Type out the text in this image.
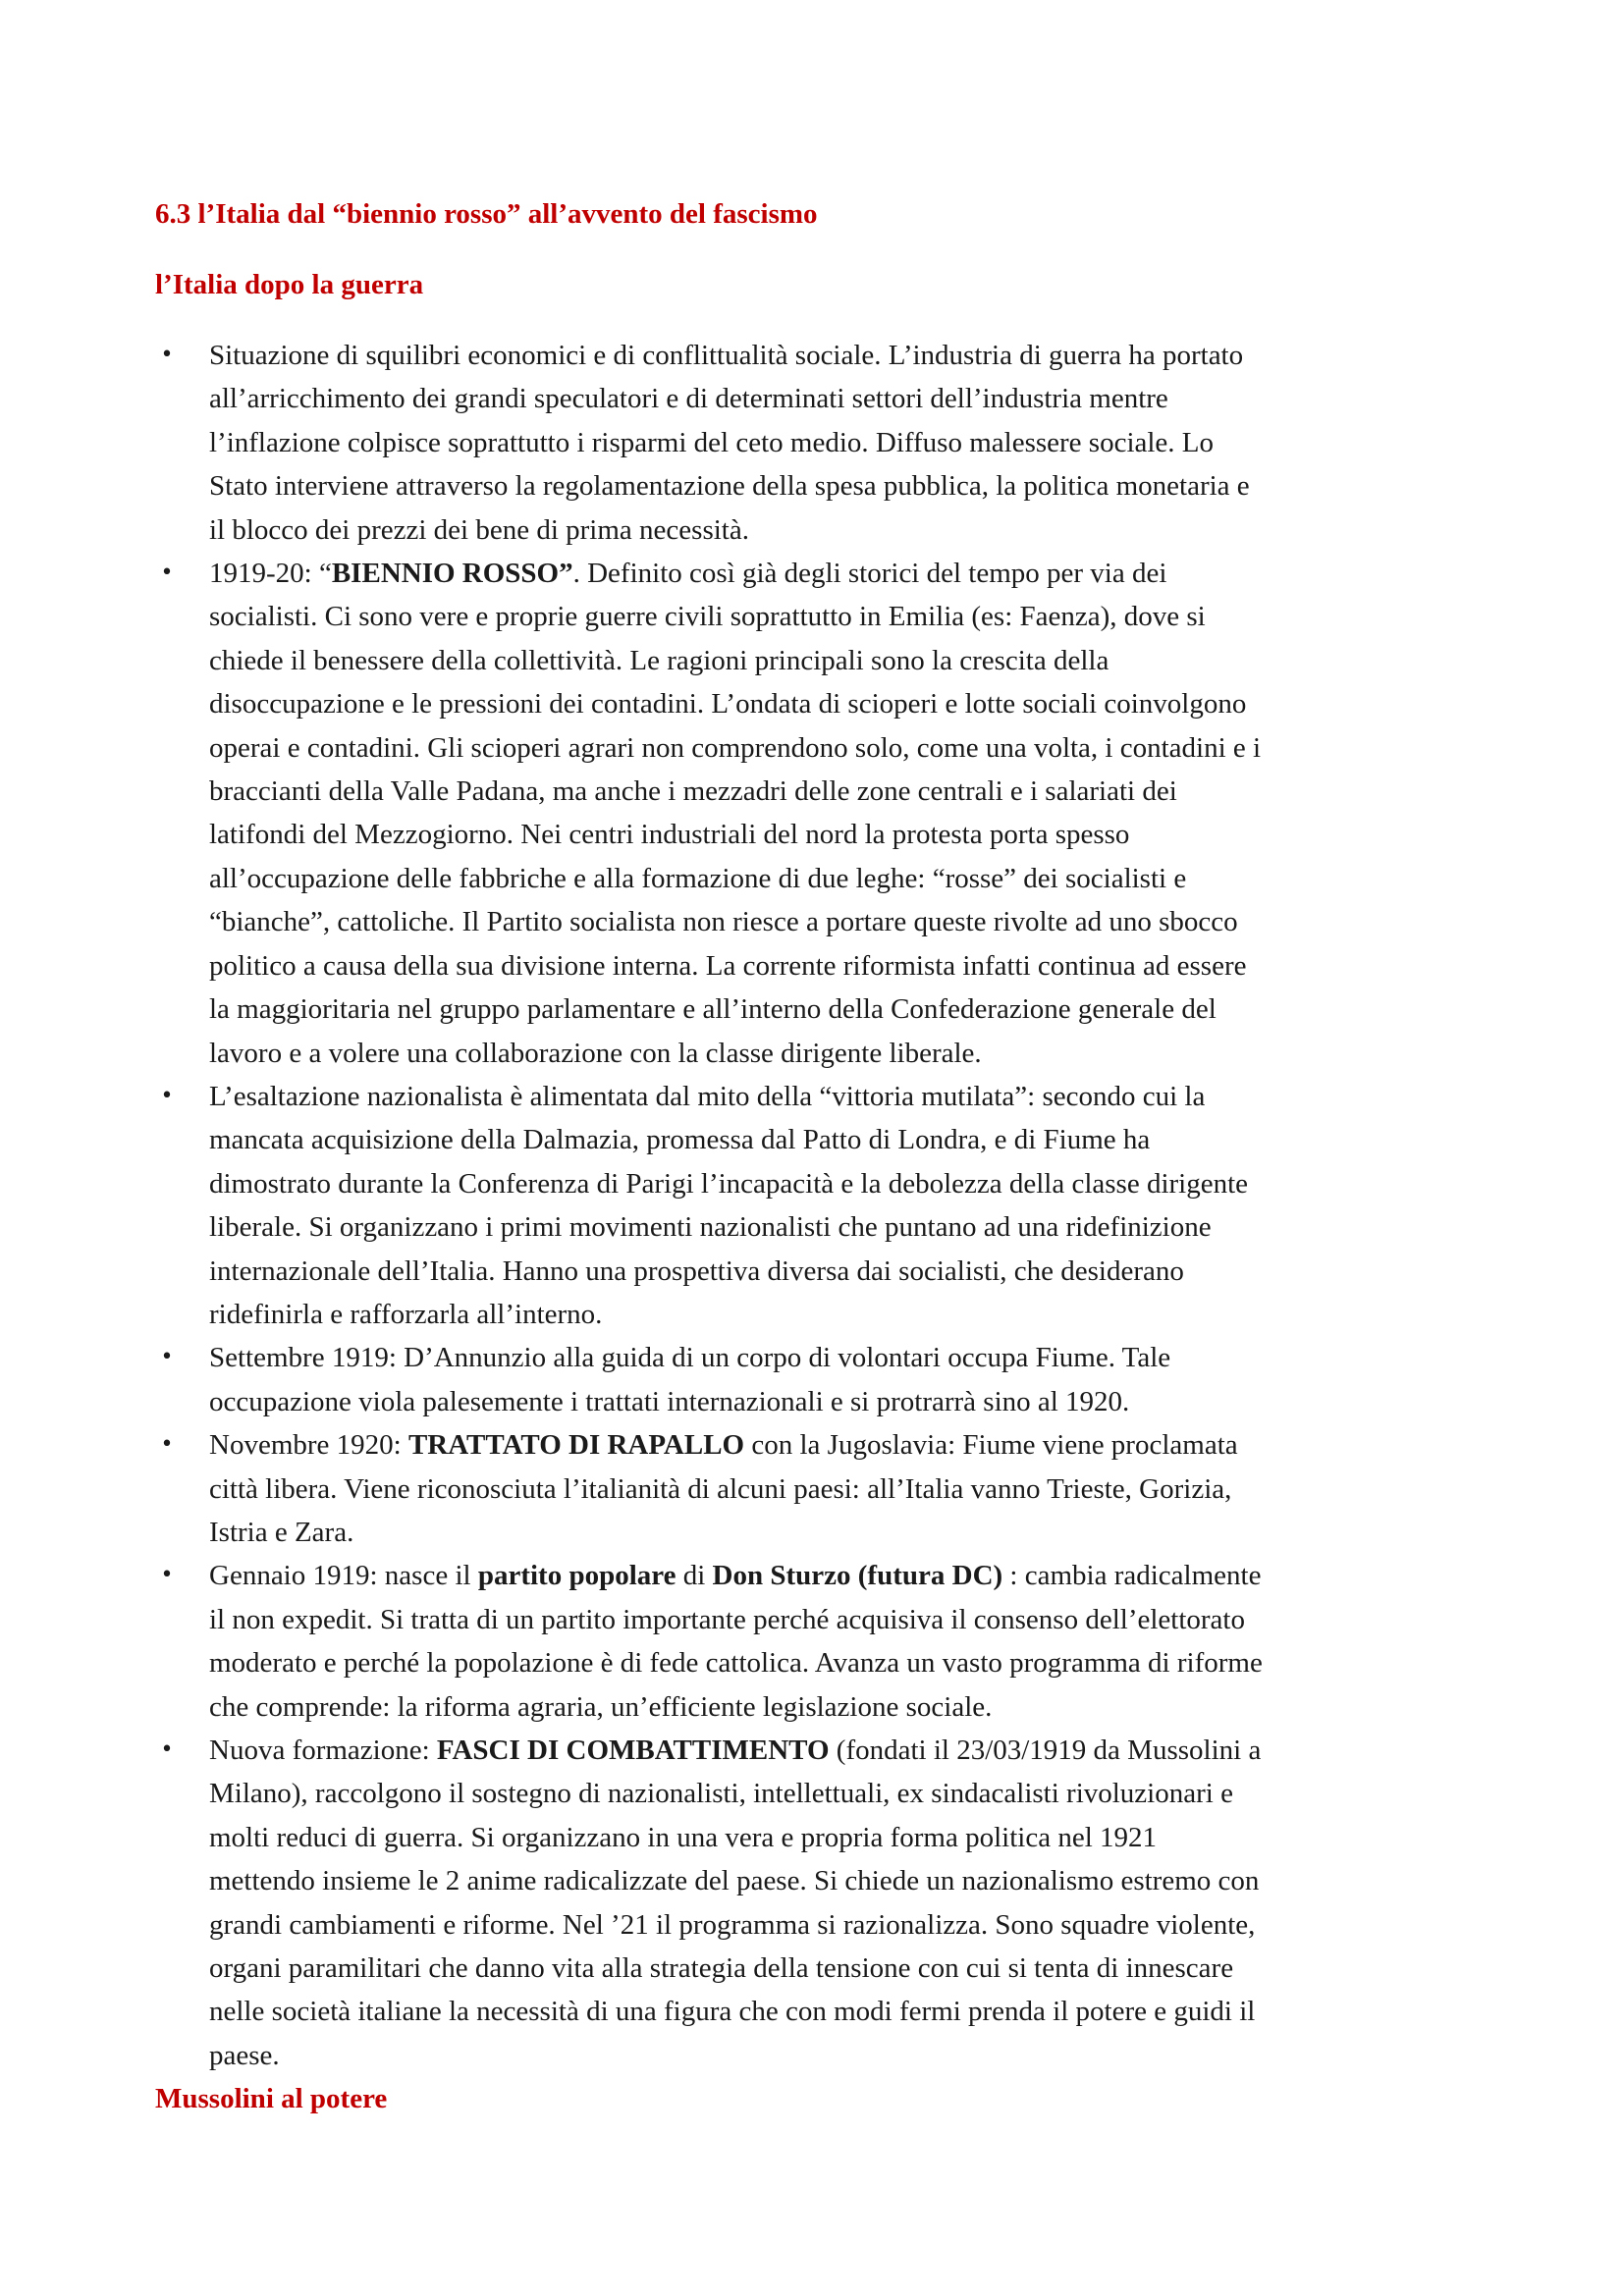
6.3 l’Italia dal “biennio rosso” all’avvento del fascismo
l’Italia dopo la guerra
• Situazione di squilibri economici e di conflittualità sociale. L’industria di guerra ha portato
all’arricchimento dei grandi speculatori e di determinati settori dell’industria mentre
l’inflazione colpisce soprattutto i risparmi del ceto medio. Diffuso malessere sociale. Lo
Stato interviene attraverso la regolamentazione della spesa pubblica, la politica monetaria e
il blocco dei prezzi dei bene di prima necessità.
• 1919-20: “BIENNIO ROSSO”. Definito così già degli storici del tempo per via dei
socialisti. Ci sono vere e proprie guerre civili soprattutto in Emilia (es: Faenza), dove si
chiede il benessere della collettività. Le ragioni principali sono la crescita della
disoccupazione e le pressioni dei contadini. L’ondata di scioperi e lotte sociali coinvolgono
operai e contadini. Gli scioperi agrari non comprendono solo, come una volta, i contadini e i
braccianti della Valle Padana, ma anche i mezzadri delle zone centrali e i salariati dei
latifondi del Mezzogiorno. Nei centri industriali del nord la protesta porta spesso
all’occupazione delle fabbriche e alla formazione di due leghe: “rosse” dei socialisti e
“bianche”, cattoliche. Il Partito socialista non riesce a portare queste rivolte ad uno sbocco
politico a causa della sua divisione interna. La corrente riformista infatti continua ad essere
la maggioritaria nel gruppo parlamentare e all’interno della Confederazione generale del
lavoro e a volere una collaborazione con la classe dirigente liberale.
• L’esaltazione nazionalista è alimentata dal mito della “vittoria mutilata”: secondo cui la
mancata acquisizione della Dalmazia, promessa dal Patto di Londra, e di Fiume ha
dimostrato durante la Conferenza di Parigi l’incapacità e la debolezza della classe dirigente
liberale. Si organizzano i primi movimenti nazionalisti che puntano ad una ridefinizione
internazionale dell’Italia. Hanno una prospettiva diversa dai socialisti, che desiderano
ridefinirla e rafforzarla all’interno.
• Settembre 1919: D’Annunzio alla guida di un corpo di volontari occupa Fiume. Tale
occupazione viola palesemente i trattati internazionali e si protrarrà sino al 1920.
• Novembre 1920: TRATTATO DI RAPALLO con la Jugoslavia: Fiume viene proclamata
città libera. Viene riconosciuta l’italianità di alcuni paesi: all’Italia vanno Trieste, Gorizia,
Istria e Zara.
• Gennaio 1919: nasce il partito popolare di Don Sturzo (futura DC) : cambia radicalmente
il non expedit. Si tratta di un partito importante perché acquisiva il consenso dell’elettorato
moderato e perché la popolazione è di fede cattolica. Avanza un vasto programma di riforme
che comprende: la riforma agraria, un’efficiente legislazione sociale.
• Nuova formazione: FASCI DI COMBATTIMENTO (fondati il 23/03/1919 da Mussolini a
Milano), raccolgono il sostegno di nazionalisti, intellettuali, ex sindacalisti rivoluzionari e
molti reduci di guerra. Si organizzano in una vera e propria forma politica nel 1921
mettendo insieme le 2 anime radicalizzate del paese. Si chiede un nazionalismo estremo con
grandi cambiamenti e riforme. Nel ’21 il programma si razionalizza. Sono squadre violente,
organi paramilitari che danno vita alla strategia della tensione con cui si tenta di innescare
nelle società italiane la necessità di una figura che con modi fermi prenda il potere e guidi il
paese.
Mussolini al potere
